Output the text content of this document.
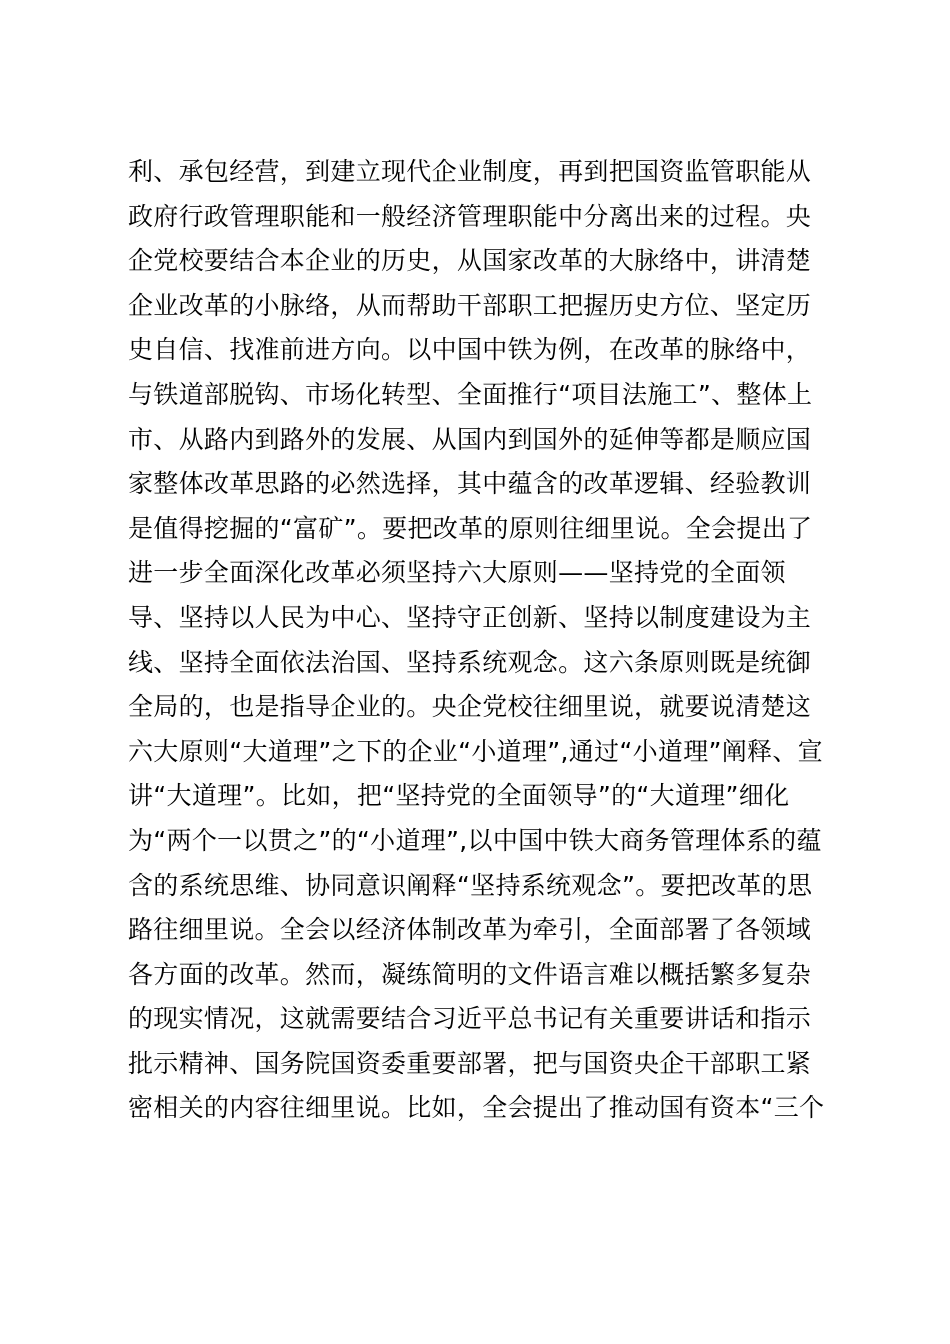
利、承包经营，到建立现代企业制度，再到把国资监管职能从
政府行政管理职能和一般经济管理职能中分离出来的过程。央
企党校要结合本企业的历史，从国家改革的大脉络中，讲清楚
企业改革的小脉络，从而帮助干部职工把握历史方位、坚定历
史自信、找准前进方向。以中国中铁为例，在改革的脉络中，
与铁道部脱钩、市场化转型、全面推行“项目法施工”、整体上
市、从路内到路外的发展、从国内到国外的延伸等都是顺应国
家整体改革思路的必然选择，其中蕴含的改革逻辑、经验教训
是值得挖掘的“富矿”。要把改革的原则往细里说。全会提出了
进一步全面深化改革必须坚持六大原则——坚持党的全面领
导、坚持以人民为中心、坚持守正创新、坚持以制度建设为主
线、坚持全面依法治国、坚持系统观念。这六条原则既是统御
全局的，也是指导企业的。央企党校往细里说，就要说清楚这
六大原则“大道理”之下的企业“小道理”,通过“小道理”阐释、宣
讲“大道理”。比如，把“坚持党的全面领导”的“大道理”细化
为“两个一以贯之”的“小道理”,以中国中铁大商务管理体系的蕴
含的系统思维、协同意识阐释“坚持系统观念”。要把改革的思
路往细里说。全会以经济体制改革为牵引，全面部署了各领域
各方面的改革。然而，凝练简明的文件语言难以概括繁多复杂
的现实情况，这就需要结合习近平总书记有关重要讲话和指示
批示精神、国务院国资委重要部署，把与国资央企干部职工紧
密相关的内容往细里说。比如，全会提出了推动国有资本“三个
